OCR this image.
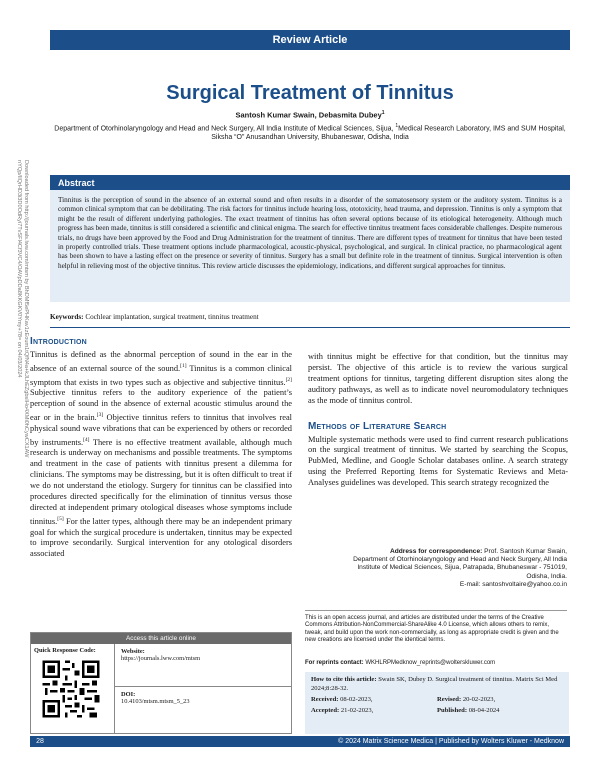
Review Article
Surgical Treatment of Tinnitus
Santosh Kumar Swain, Debasmita Dubey$^1$
Department of Otorhinolaryngology and Head and Neck Surgery, All India Institute of Medical Sciences, Sijua, $^1$Medical Research Laboratory, IMS and SUM Hospital,
Siksha “O” Anusandhan University, Bhubaneswar, Odisha, India
Downloaded from http://journals.lww.com/mtsm by BhDMf5ePHKav1zEoum1tQfN4a+kJLhEZgbsIHo4XMi0hCywCX1AW
nYQp/IlQrHD3i3D0OdRyi7TvSFl4Cf3VC4/OAVpDDa8KKGKV0Ymy+78= on 04/03/2024	Abstract
Tinnitus is the perception of sound in the absence of an external sound and often results in a disorder of the somatosensory system or the auditory system. Tinnitus is a common clinical symptom that can be debilitating. The risk factors for tinnitus include hearing loss, ototoxicity, head trauma, and depression. Tinnitus is only a symptom that might be the result of different underlying pathologies. The exact treatment of tinnitus has often several options because of its etiological heterogeneity. Although much progress has been made, tinnitus is still considered a scientific and clinical enigma. The search for effective tinnitus treatment faces considerable challenges. Despite numerous trials, no drugs have been approved by the Food and Drug Administration for the treatment of tinnitus. There are different types of treatment for tinnitus that have been tested in properly controlled trials. These treatment options include pharmacological, acoustic-physical, psychological, and surgical. In clinical practice, no pharmacological agent has been shown to have a lasting effect on the presence or severity of tinnitus. Surgery has a small but definite role in the treatment of tinnitus. Surgical intervention is often helpful in relieving most of the objective tinnitus. This review article discusses the epidemiology, indications, and different surgical approaches for tinnitus.
Keywords: Cochlear implantation, surgical treatment, tinnitus treatment
Introduction
Tinnitus is defined as the abnormal perception of sound in the ear in the absence of an external source of the sound.[1] Tinnitus is a common clinical symptom that exists in two types such as objective and subjective tinnitus.[2] Subjective tinnitus refers to the auditory experience of the patient’s perception of sound in the absence of external acoustic stimulus around the ear or in the brain.[3] Objective tinnitus refers to tinnitus that involves real physical sound wave vibrations that can be experienced by others or recorded by instruments.[4] There is no effective treatment available, although much research is underway on mechanisms and possible treatments. The symptoms and treatment in the case of patients with tinnitus present a dilemma for clinicians. The symptoms may be distressing, but it is often difficult to treat if we do not understand the etiology. Surgery for tinnitus can be classified into procedures directed specifically for the elimination of tinnitus versus those directed at independent primary otological diseases whose symptoms include tinnitus.[5] For the latter types, although there may be an independent primary goal for which the surgical procedure is undertaken, tinnitus may be expected to improve secondarily. Surgical intervention for any otological disorders associated
with tinnitus might be effective for that condition, but the tinnitus may persist. The objective of this article is to review the various surgical treatment options for tinnitus, targeting different disruption sites along the auditory pathways, as well as to indicate novel neuromodulatory techniques as the mode of tinnitus control.
Methods of Literature Search
Multiple systematic methods were used to find current research publications on the surgical treatment of tinnitus. We started by searching the Scopus, PubMed, Medline, and Google Scholar databases online. A search strategy using the Preferred Reporting Items for Systematic Reviews and Meta-Analyses guidelines was developed. This search strategy recognized the
Address for correspondence: Prof. Santosh Kumar Swain,
Department of Otorhinolaryngology and Head and Neck Surgery, All India
Institute of Medical Sciences, Sijua, Patrapada, Bhubaneswar - 751019,
Odisha, India.
E-mail: santoshvoltaire@yahoo.co.in
This is an open access journal, and articles are distributed under the terms of the Creative Commons Attribution-NonCommercial-ShareAlike 4.0 License, which allows others to remix, tweak, and build upon the work non-commercially, as long as appropriate credit is given and the new creations are licensed under the identical terms.
For reprints contact: WKHLRPMedknow_reprints@wolterskluwer.com
How to cite this article: Swain SK, Dubey D. Surgical treatment of tinnitus. Matrix Sci Med 2024;8:28-32.
Received: 08-02-2023,	Revised: 20-02-2023,
Accepted: 21-02-2023,	Published: 08-04-2024
Access this article online
Quick Response Code:	Website:
https://journals.lww.com/mtsm
DOI:
10.4103/mtsm.mtsm_5_23
28	© 2024 Matrix Science Medica | Published by Wolters Kluwer - Medknow
